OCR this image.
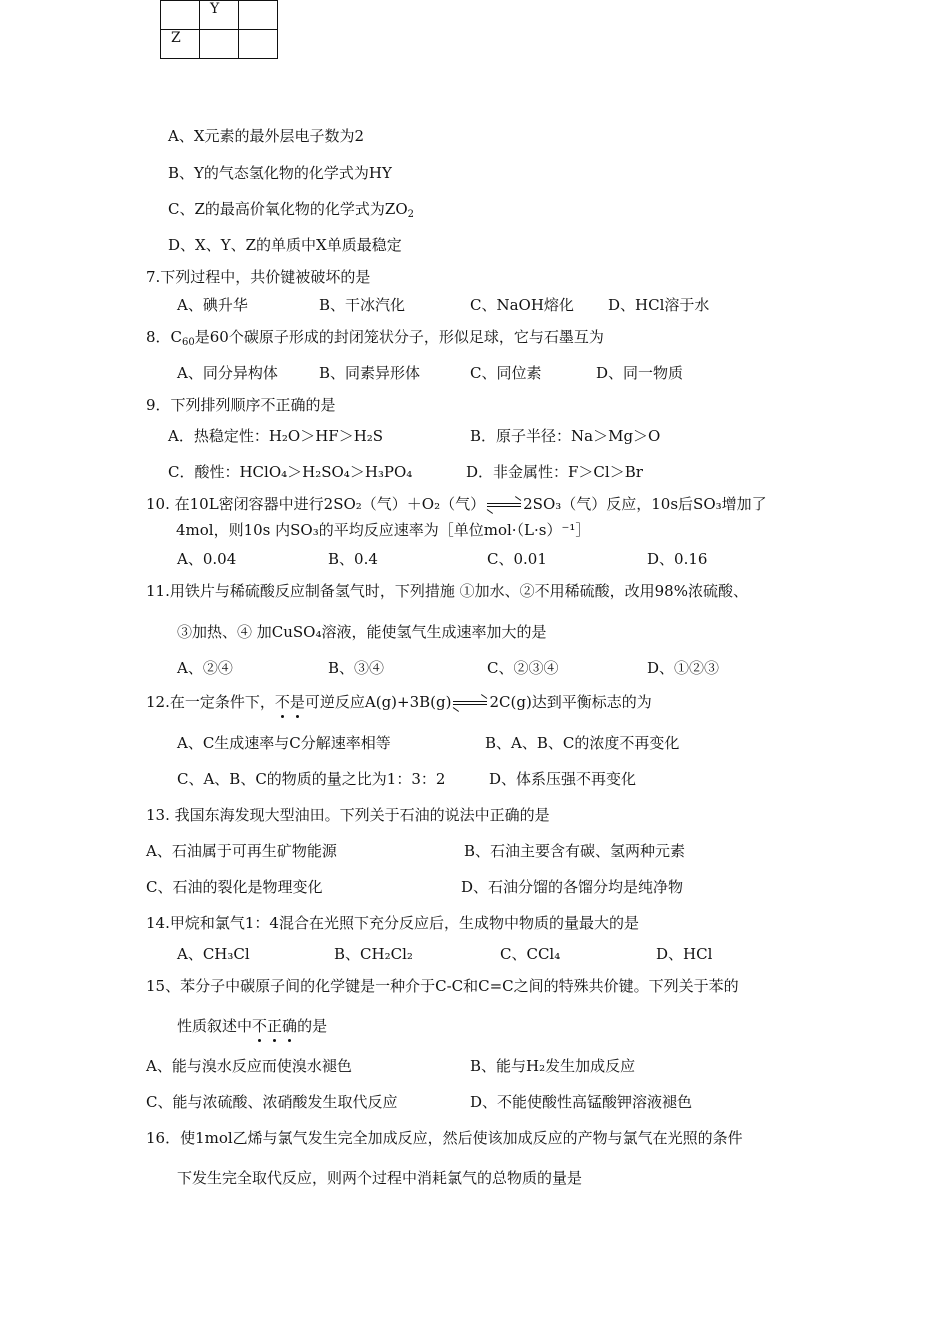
	Y	
Z		
A、X元素的最外层电子数为2
B、Y的气态氢化物的化学式为HY
C、Z的最高价氧化物的化学式为$ZO_2$
D、X、Y、Z的单质中X单质最稳定
7.下列过程中，共价键被破坏的是
A、碘升华	B、干冰汽化	C、NaOH熔化 D、HCl溶于水
8．$C_{60}$是60个碳原子形成的封闭笼状分子，形似足球，它与石墨互为
A、同分异构体	B、同素异形体	C、同位素	D、同一物质
9．下列排列顺序不正确的是
A．热稳定性：H₂O＞HF＞H₂S	B．原子半径：Na＞Mg＞O
C．酸性：HClO₄＞H₂SO₄＞H₃PO₄	D．非金属性：F＞Cl＞Br
10. 在10L密闭容器中进行2SO₂（气）＋O₂（气）	2SO₃（气）反应，10s后SO₃增加了
4mol，则10s 内SO₃的平均反应速率为［单位mol·（L·s）⁻¹］
A、0.04	B、0.4	C、0.01	D、0.16
11.用铁片与稀硫酸反应制备氢气时，下列措施 ①加水、②不用稀硫酸，改用98%浓硫酸、
③加热、④ 加CuSO₄溶液，能使氢气生成速率加大的是
A、②④	B、③④	C、②③④	D、①②③
12.在一定条件下，不是可逆反应A(g)+3B(g)	2C(g)达到平衡标志的为
A、C生成速率与C分解速率相等	B、A、B、C的浓度不再变化
C、A、B、C的物质的量之比为1：3：2	D、体系压强不再变化
13. 我国东海发现大型油田。下列关于石油的说法中正确的是
A、石油属于可再生矿物能源	B、石油主要含有碳、氢两种元素
C、石油的裂化是物理变化	D、石油分馏的各馏分均是纯净物
14.甲烷和氯气1：4混合在光照下充分反应后，生成物中物质的量最大的是
A、CH₃Cl	B、CH₂Cl₂	C、CCl₄	D、HCl
15、苯分子中碳原子间的化学键是一种介于C-C和C=C之间的特殊共价键。下列关于苯的
性质叙述中不正确的是
A、能与溴水反应而使溴水褪色	B、能与H₂发生加成反应
C、能与浓硫酸、浓硝酸发生取代反应	D、不能使酸性高锰酸钾溶液褪色
16．使1mol乙烯与氯气发生完全加成反应，然后使该加成反应的产物与氯气在光照的条件
下发生完全取代反应，则两个过程中消耗氯气的总物质的量是
